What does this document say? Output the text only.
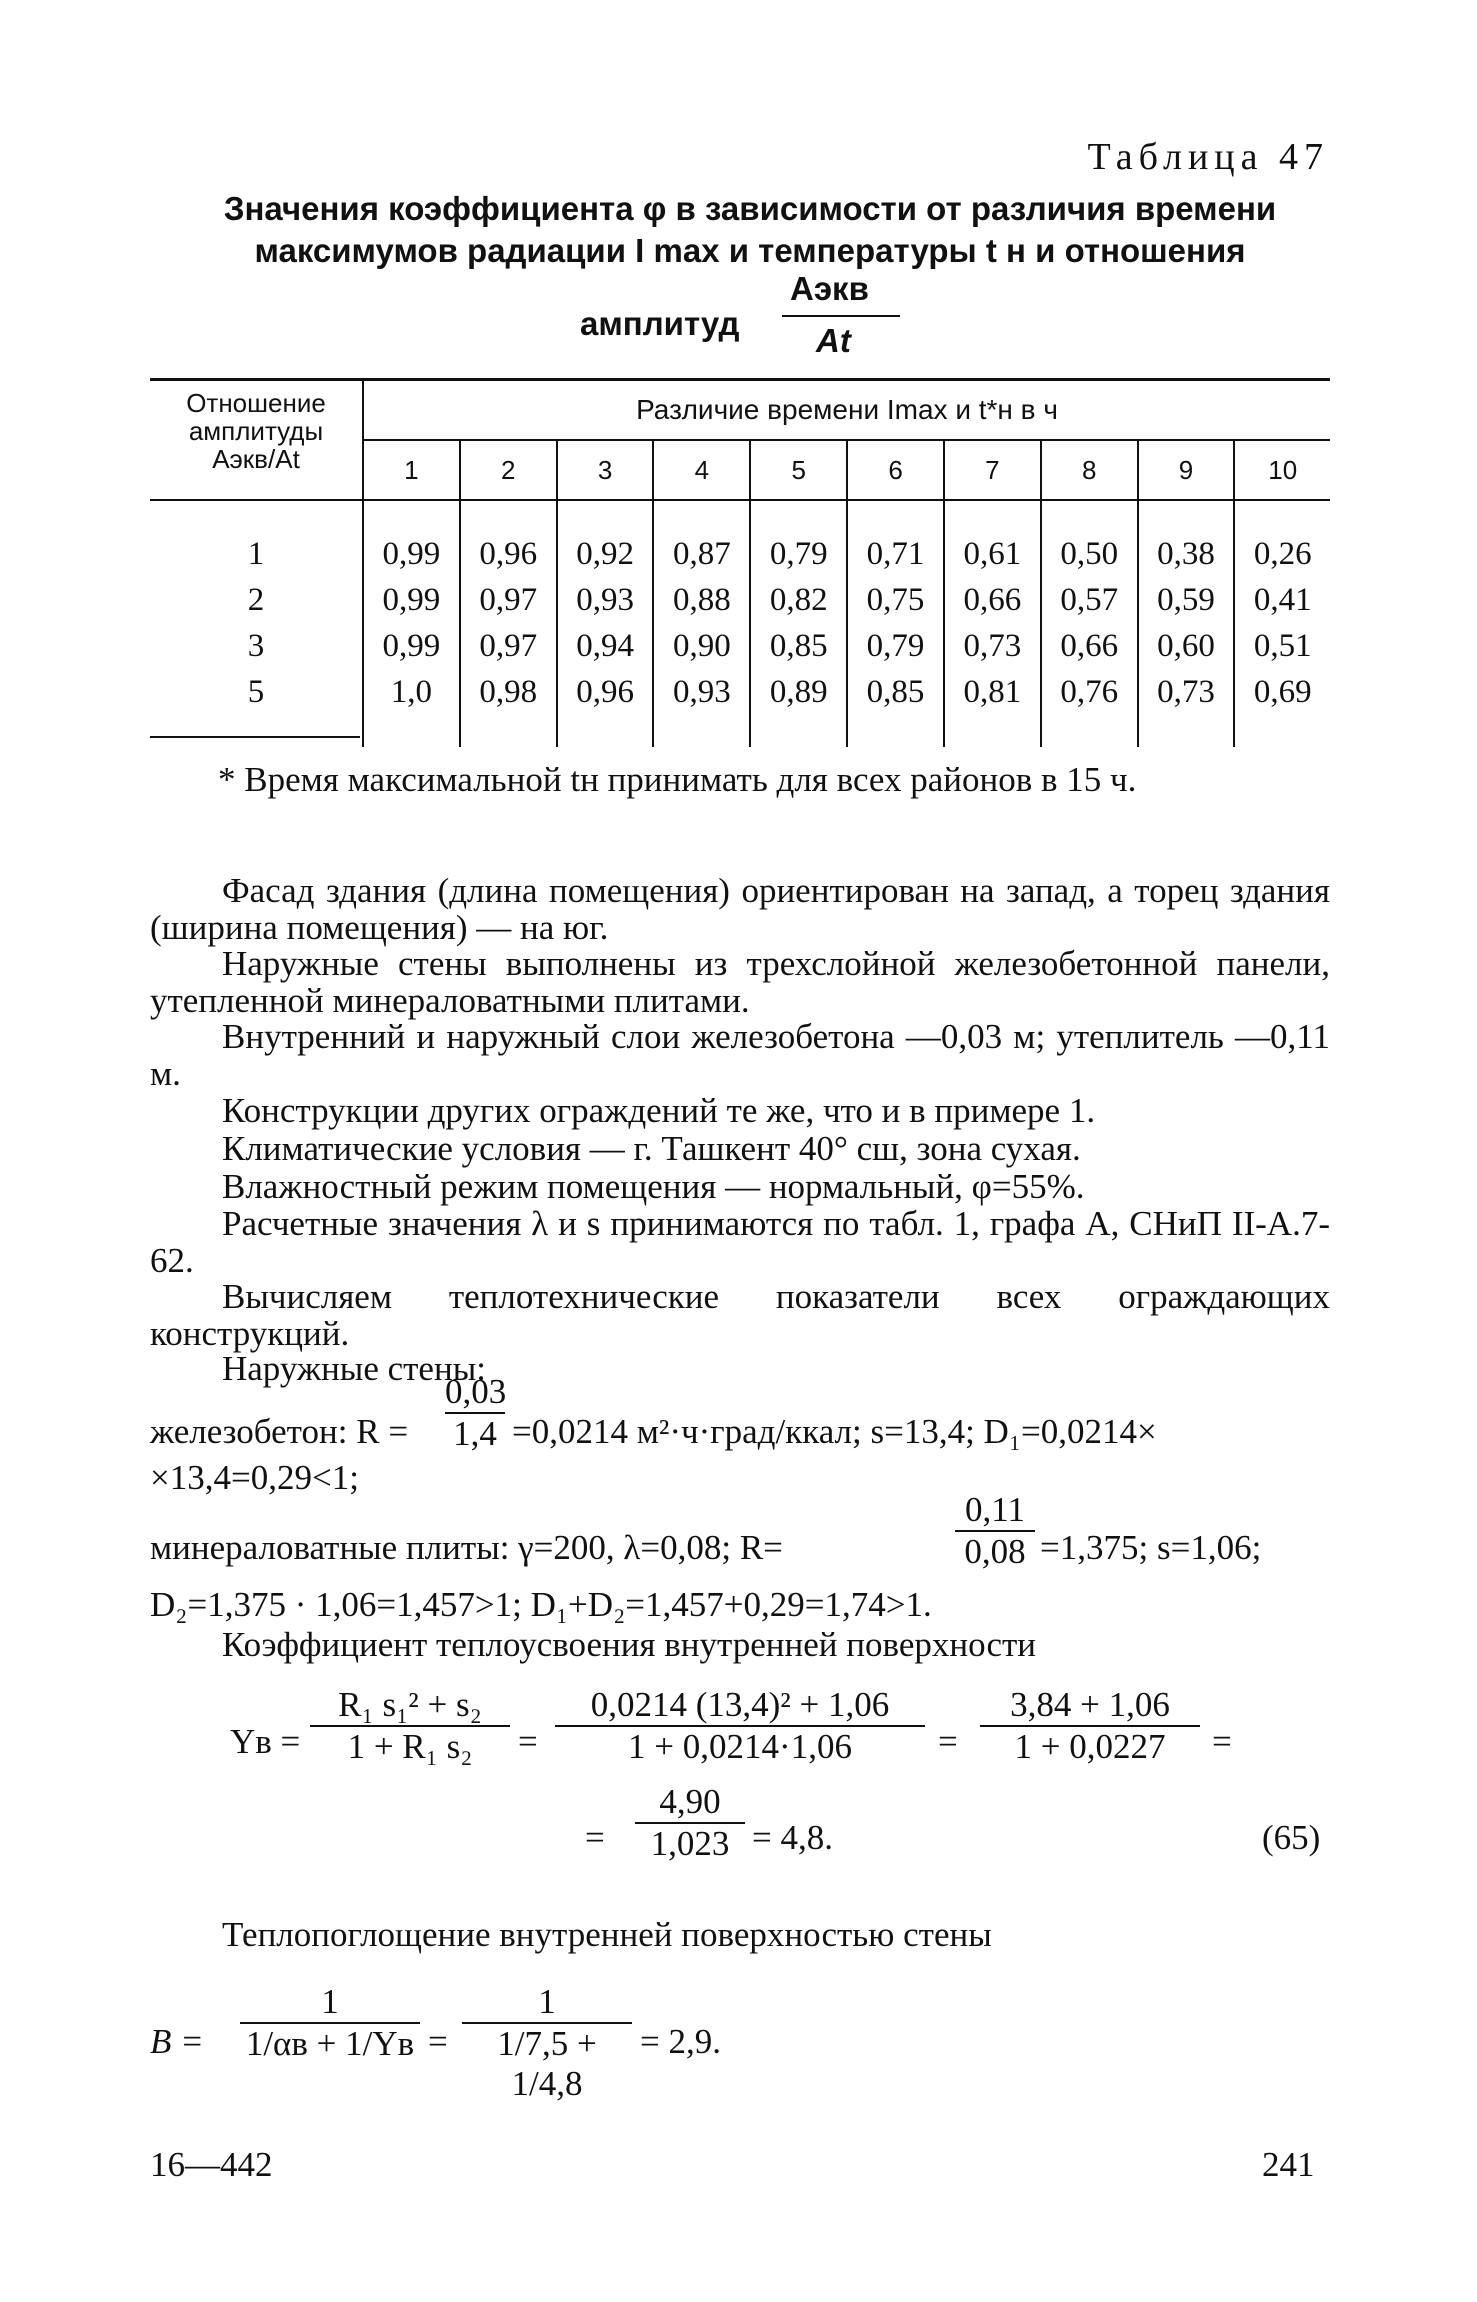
Таблица 47
Значения коэффициента φ в зависимости от различия времени
максимумов радиации I max и температуры t н и отношения
амплитуд
Aэкв
At
Отношение амплитуды Aэкв/At	Различие времени Imax и t*н в ч									
	1	2	3	4	5	6	7	8	9	10
1	0,99	0,96	0,92	0,87	0,79	0,71	0,61	0,50	0,38	0,26
2	0,99	0,97	0,93	0,88	0,82	0,75	0,66	0,57	0,59	0,41
3	0,99	0,97	0,94	0,90	0,85	0,79	0,73	0,66	0,60	0,51
5	1,0	0,98	0,96	0,93	0,89	0,85	0,81	0,76	0,73	0,69
* Время максимальной tн принимать для всех районов в 15 ч.
Фасад здания (длина помещения) ориентирован на запад, а торец здания (ширина помещения) — на юг.
Наружные стены выполнены из трехслойной железобетонной панели, утепленной минераловатными плитами.
Внутренний и наружный слои железобетона —0,03 м; утеплитель —0,11 м.
Конструкции других ограждений те же, что и в примере 1.
Климатические условия — г. Ташкент 40° сш, зона сухая.
Влажностный режим помещения — нормальный, φ=55%.
Расчетные значения λ и s принимаются по табл. 1, графа А, СНиП II-А.7-62.
Вычисляем теплотехнические показатели всех ограждающих конструкций.
Наружные стены:
железобетон: $R = \frac{0,03}{1,4} =0,0214$ м²·ч·град/ккал; s=13,4; D₁=0,0214×
×13,4=0,29<1;
минераловатные плиты: γ=200, λ=0,08; R=	$\frac{0,11}{0,08} =1,375$; s=1,06;
D₂=1,375 · 1,06=1,457>1; D₁+D₂=1,457+0,29=1,74>1.
Коэффициент теплоусвоения внутренней поверхности
Yв = $\frac{\text{R₁ s₁² + s₂}}{\text{1 + R₁ s₂}} = \frac{\text{0,0214 (13,4)² + 1,06}}{1 + 0,0214\cdot 1,06} = \frac{3,84 + 1,06}{1 + 0,0227}$ =
= $\frac{4,90}{1,023} = 4,8$.	(65)
Теплопоглощение внутренней поверхностью стены
B =
1
$1/\alpha в + 1/Yв = \frac{1}{1/7,5 + 1/4,8} = 2,9$.
16—442	241
